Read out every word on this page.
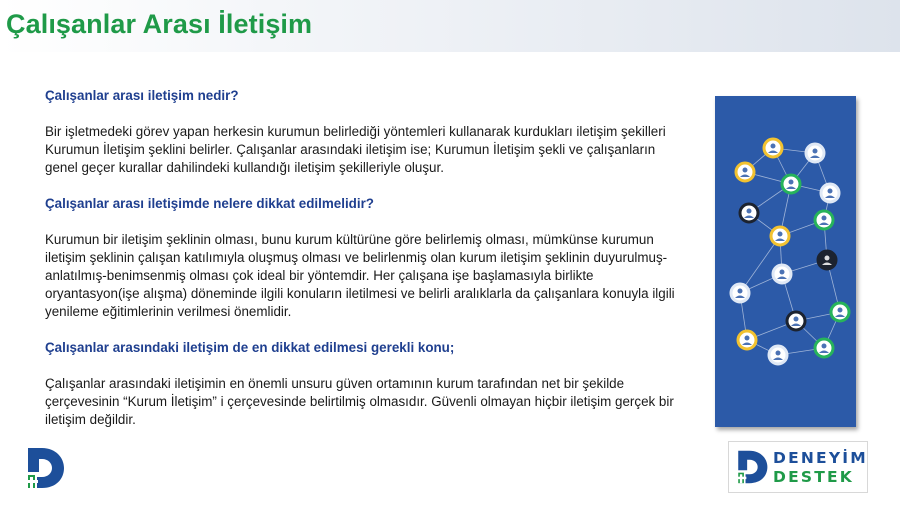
Çalışanlar Arası İletişim

Çalışanlar arası iletişim nedir?

Bir işletmedeki görev yapan herkesin kurumun belirlediği yöntemleri kullanarak kurdukları iletişim şekilleri Kurumun İletişim şeklini belirler. Çalışanlar arasındaki iletişim ise; Kurumun İletişim şekli ve çalışanların genel geçer kurallar dahilindeki kullandığı iletişim şekilleriyle oluşur.

Çalışanlar arası iletişimde nelere dikkat edilmelidir?

Kurumun bir iletişim şeklinin olması, bunu kurum kültürüne göre belirlemiş olması, mümkünse kurumun iletişim şeklinin çalışan katılımıyla oluşmuş olması ve belirlenmiş olan kurum iletişim şeklinin duyurulmuş-anlatılmış-benimsenmiş olması çok ideal bir yöntemdir. Her çalışana işe başlamasıyla birlikte oryantasyon(işe alışma) döneminde ilgili konuların iletilmesi ve belirli aralıklarla da çalışanlara konuyla ilgili yenileme eğitimlerinin verilmesi önemlidir.

Çalışanlar arasındaki iletişim de en dikkat edilmesi gerekli konu;

Çalışanlar arasındaki iletişimin en önemli unsuru güven ortamının kurum tarafından net bir şekilde çerçevesinin “Kurum İletişim” i çerçevesinde belirtilmiş olmasıdır. Güvenli olmayan hiçbir iletişim gerçek bir iletişim değildir.

DENEYİM
DESTEK
